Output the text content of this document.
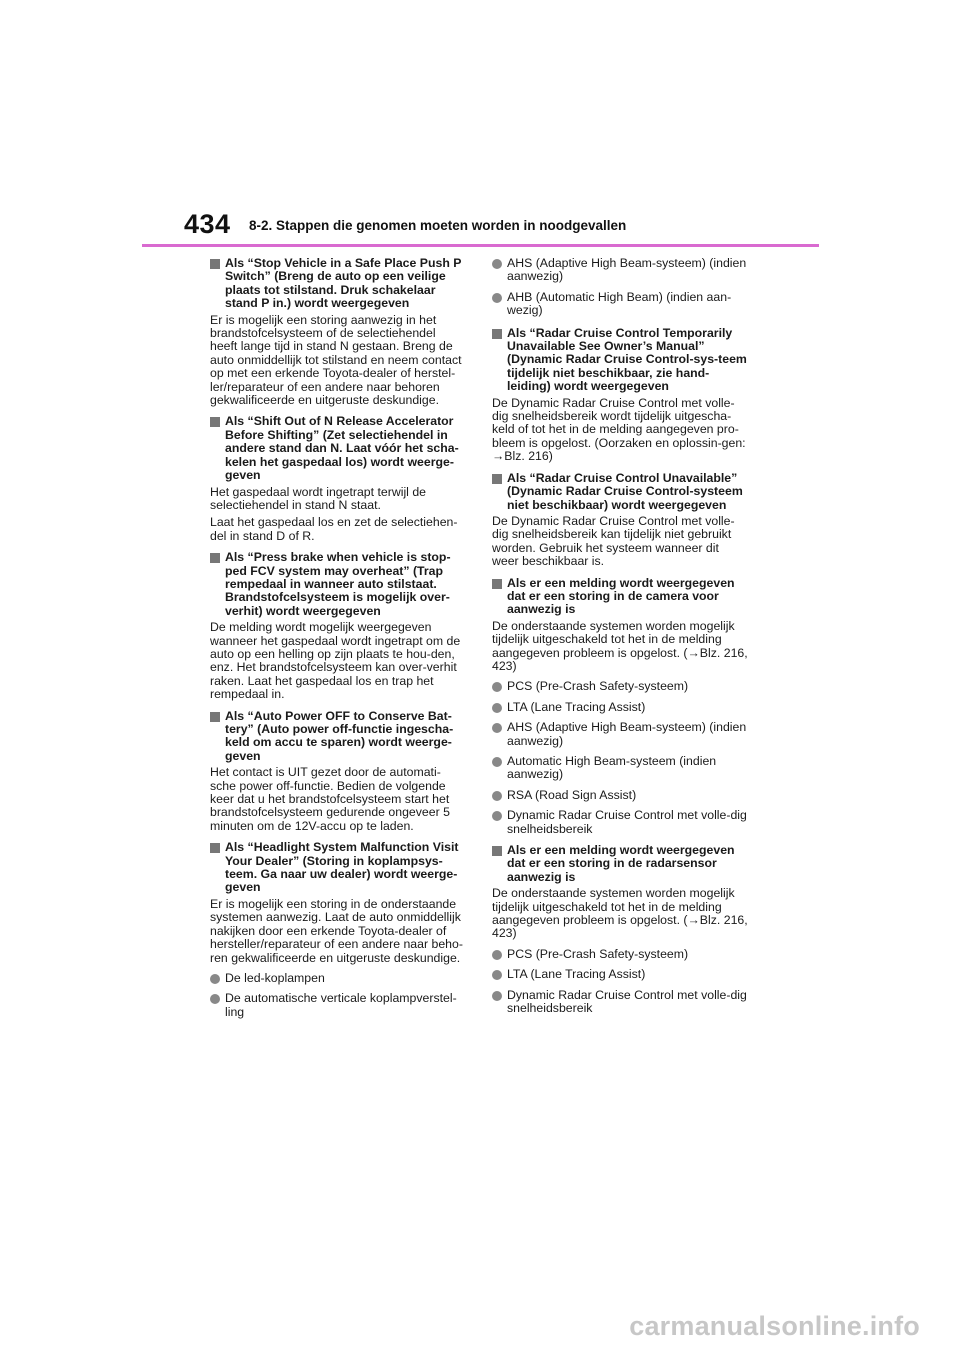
434 8-2. Stappen die genomen moeten worden in noodgevallen
Als “Stop Vehicle in a Safe Place Push P Switch” (Breng de auto op een veilige plaats tot stilstand. Druk schakelaar stand P in.) wordt weergegeven

Er is mogelijk een storing aanwezig in het brandstofcelsysteem of de selectiehendel heeft lange tijd in stand N gestaan. Breng de auto onmiddellijk tot stilstand en neem contact op met een erkende Toyota-dealer of herstel-ler/reparateur of een andere naar behoren gekwalificeerde en uitgeruste deskundige.

Als “Shift Out of N Release Accelerator Before Shifting” (Zet selectiehendel in andere stand dan N. Laat vóór het scha-kelen het gaspedaal los) wordt weerge-geven

Het gaspedaal wordt ingetrapt terwijl de selectiehendel in stand N staat.

Laat het gaspedaal los en zet de selectiehen-del in stand D of R.

Als “Press brake when vehicle is stop-ped FCV system may overheat” (Trap rempedaal in wanneer auto stilstaat. Brandstofcelsysteem is mogelijk over-verhit) wordt weergegeven

De melding wordt mogelijk weergegeven wanneer het gaspedaal wordt ingetrapt om de auto op een helling op zijn plaats te hou-den, enz. Het brandstofcelsysteem kan over-verhit raken. Laat het gaspedaal los en trap het rempedaal in.

Als “Auto Power OFF to Conserve Bat-tery” (Auto power off-functie ingescha-keld om accu te sparen) wordt weerge-geven

Het contact is UIT gezet door de automati-sche power off-functie. Bedien de volgende keer dat u het brandstofcelsysteem start het brandstofcelsysteem gedurende ongeveer 5 minuten om de 12V-accu op te laden.

Als “Headlight System Malfunction Visit Your Dealer” (Storing in koplampsys-teem. Ga naar uw dealer) wordt weerge-geven

Er is mogelijk een storing in de onderstaande systemen aanwezig. Laat de auto onmiddellijk nakijken door een erkende Toyota-dealer of hersteller/reparateur of een andere naar beho-ren gekwalificeerde en uitgeruste deskundige.

De led-koplampen
De automatische verticale koplampverstel-ling
AHS (Adaptive High Beam-systeem) (indien aanwezig)
AHB (Automatic High Beam) (indien aan-wezig)
Als “Radar Cruise Control Temporarily Unavailable See Owner’s Manual” (Dynamic Radar Cruise Control-sys-teem tijdelijk niet beschikbaar, zie hand-leiding) wordt weergegeven

De Dynamic Radar Cruise Control met volle-dig snelheidsbereik wordt tijdelijk uitgescha-keld of tot het in de melding aangegeven pro-bleem is opgelost. (Oorzaken en oplossin-gen: →Blz. 216)

Als “Radar Cruise Control Unavailable” (Dynamic Radar Cruise Control-systeem niet beschikbaar) wordt weergegeven

De Dynamic Radar Cruise Control met volle-dig snelheidsbereik kan tijdelijk niet gebruikt worden. Gebruik het systeem wanneer dit weer beschikbaar is.

Als er een melding wordt weergegeven dat er een storing in de camera voor aanwezig is

De onderstaande systemen worden mogelijk tijdelijk uitgeschakeld tot het in de melding aangegeven probleem is opgelost. (→Blz. 216, 423)

PCS (Pre-Crash Safety-systeem)
LTA (Lane Tracing Assist)
AHS (Adaptive High Beam-systeem) (indien aanwezig)
Automatic High Beam-systeem (indien aanwezig)
RSA (Road Sign Assist)
Dynamic Radar Cruise Control met volle-dig snelheidsbereik
Als er een melding wordt weergegeven dat er een storing in de radarsensor aanwezig is

De onderstaande systemen worden mogelijk tijdelijk uitgeschakeld tot het in de melding aangegeven probleem is opgelost. (→Blz. 216, 423)

PCS (Pre-Crash Safety-systeem)
LTA (Lane Tracing Assist)
Dynamic Radar Cruise Control met volle-dig snelheidsbereik
carmanualsonline.info
